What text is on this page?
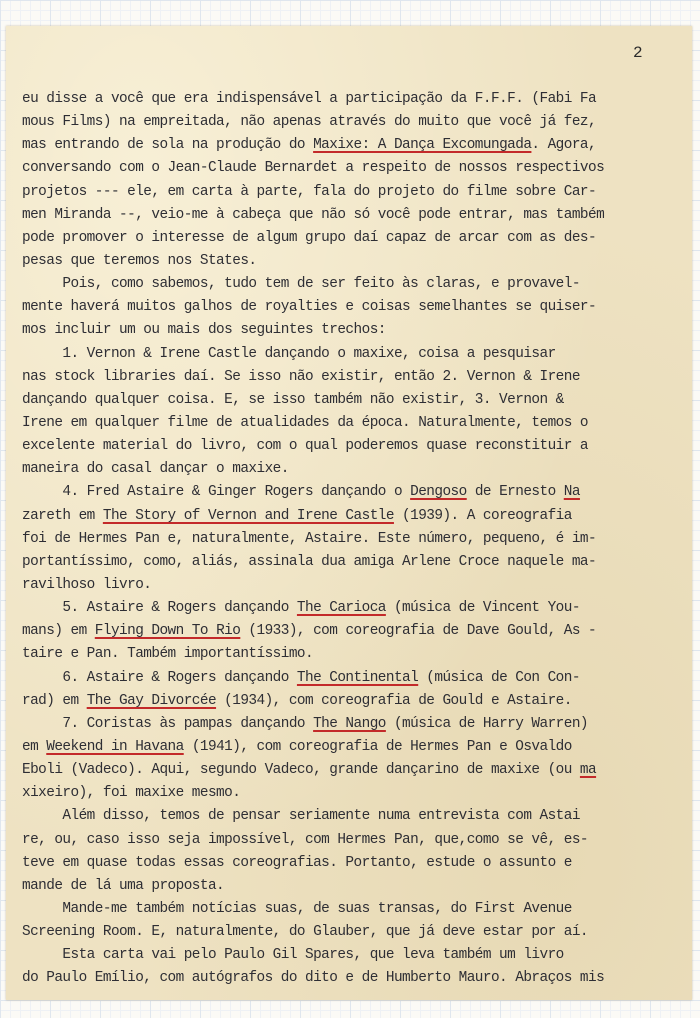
2
eu disse a você que era indispensável a participação da F.F.F. (Fabi Fa
mous Films) na empreitada, não apenas através do muito que você já fez,
mas entrando de sola na produção do Maxixe: A Dança Excomungada. Agora,
conversando com o Jean-Claude Bernardet a respeito de nossos respectivos
projetos --- ele, em carta à parte, fala do projeto do filme sobre Car-
men Miranda --, veio-me à cabeça que não só você pode entrar, mas também
pode promover o interesse de algum grupo daí capaz de arcar com as des-
pesas que teremos nos States.
Pois, como sabemos, tudo tem de ser feito às claras, e provavel-
mente haverá muitos galhos de royalties e coisas semelhantes se quiser-
mos incluir um ou mais dos seguintes trechos:
1. Vernon & Irene Castle dançando o maxixe, coisa a pesquisar
nas stock libraries daí. Se isso não existir, então 2. Vernon & Irene
dançando qualquer coisa. E, se isso também não existir, 3. Vernon &
Irene em qualquer filme de atualidades da época. Naturalmente, temos o
excelente material do livro, com o qual poderemos quase reconstituir a
maneira do casal dançar o maxixe.
4. Fred Astaire & Ginger Rogers dançando o Dengoso de Ernesto Na
zareth em The Story of Vernon and Irene Castle (1939). A coreografia
foi de Hermes Pan e, naturalmente, Astaire. Este número, pequeno, é im-
portantíssimo, como, aliás, assinala dua amiga Arlene Croce naquele ma-
ravilhoso livro.
5. Astaire & Rogers dançando The Carioca (música de Vincent You-
mans) em Flying Down To Rio (1933), com coreografia de Dave Gould, As -
taire e Pan. Também importantíssimo.
6. Astaire & Rogers dançando The Continental (música de Con Con-
rad) em The Gay Divorcée (1934), com coreografia de Gould e Astaire.
7. Coristas às pampas dançando The Nango (música de Harry Warren)
em Weekend in Havana (1941), com coreografia de Hermes Pan e Osvaldo
Eboli (Vadeco). Aqui, segundo Vadeco, grande dançarino de maxixe (ou ma
xixeiro), foi maxixe mesmo.
Além disso, temos de pensar seriamente numa entrevista com Astai
re, ou, caso isso seja impossível, com Hermes Pan, que,como se vê, es-
teve em quase todas essas coreografias. Portanto, estude o assunto e
mande de lá uma proposta.
Mande-me também notícias suas, de suas transas, do First Avenue
Screening Room. E, naturalmente, do Glauber, que já deve estar por aí.
Esta carta vai pelo Paulo Gil Spares, que leva também um livro
do Paulo Emílio, com autógrafos do dito e de Humberto Mauro. Abraços mis
